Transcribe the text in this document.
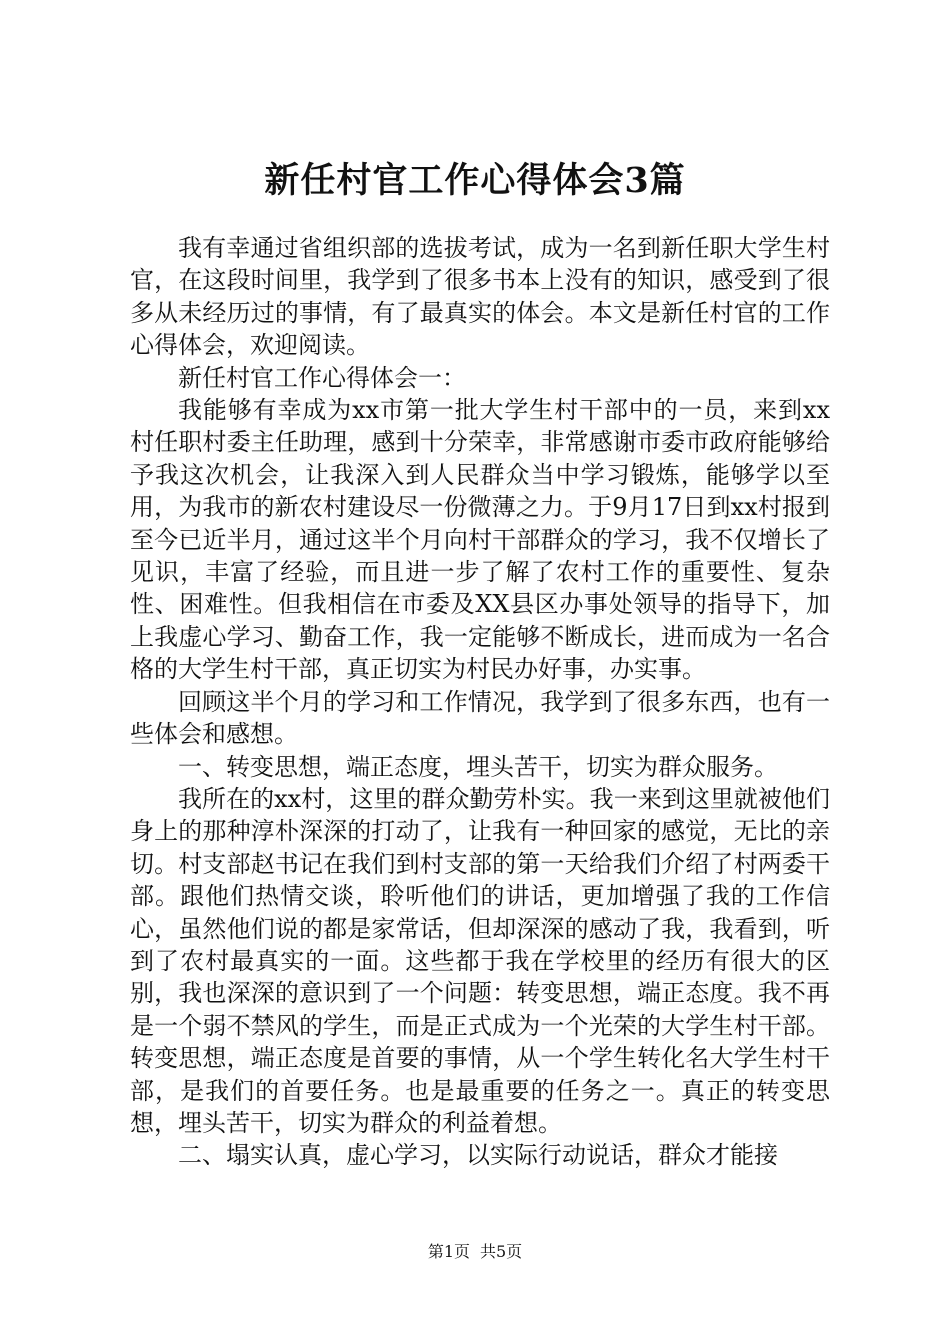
新任村官工作心得体会3篇

我有幸通过省组织部的选拔考试，成为一名到新任职大学生村官，在这段时间里，我学到了很多书本上没有的知识，感受到了很多从未经历过的事情，有了最真实的体会。本文是新任村官的工作心得体会，欢迎阅读。

新任村官工作心得体会一：

我能够有幸成为xx市第一批大学生村干部中的一员，来到xx村任职村委主任助理，感到十分荣幸，非常感谢市委市政府能够给予我这次机会，让我深入到人民群众当中学习锻炼，能够学以至用，为我市的新农村建设尽一份微薄之力。于9月17日到xx村报到至今已近半月，通过这半个月向村干部群众的学习，我不仅增长了见识，丰富了经验，而且进一步了解了农村工作的重要性、复杂性、困难性。但我相信在市委及XX县区办事处领导的指导下，加上我虚心学习、勤奋工作，我一定能够不断成长，进而成为一名合格的大学生村干部，真正切实为村民办好事，办实事。

回顾这半个月的学习和工作情况，我学到了很多东西，也有一些体会和感想。

一、转变思想，端正态度，埋头苦干，切实为群众服务。

我所在的xx村，这里的群众勤劳朴实。我一来到这里就被他们身上的那种淳朴深深的打动了，让我有一种回家的感觉，无比的亲切。村支部赵书记在我们到村支部的第一天给我们介绍了村两委干部。跟他们热情交谈，聆听他们的讲话，更加增强了我的工作信心，虽然他们说的都是家常话，但却深深的感动了我，我看到，听到了农村最真实的一面。这些都于我在学校里的经历有很大的区别，我也深深的意识到了一个问题：转变思想，端正态度。我不再是一个弱不禁风的学生，而是正式成为一个光荣的大学生村干部。转变思想，端正态度是首要的事情，从一个学生转化名大学生村干部，是我们的首要任务。也是最重要的任务之一。真正的转变思想，埋头苦干，切实为群众的利益着想。

二、塌实认真，虚心学习，以实际行动说话，群众才能接

第1页 共5页
